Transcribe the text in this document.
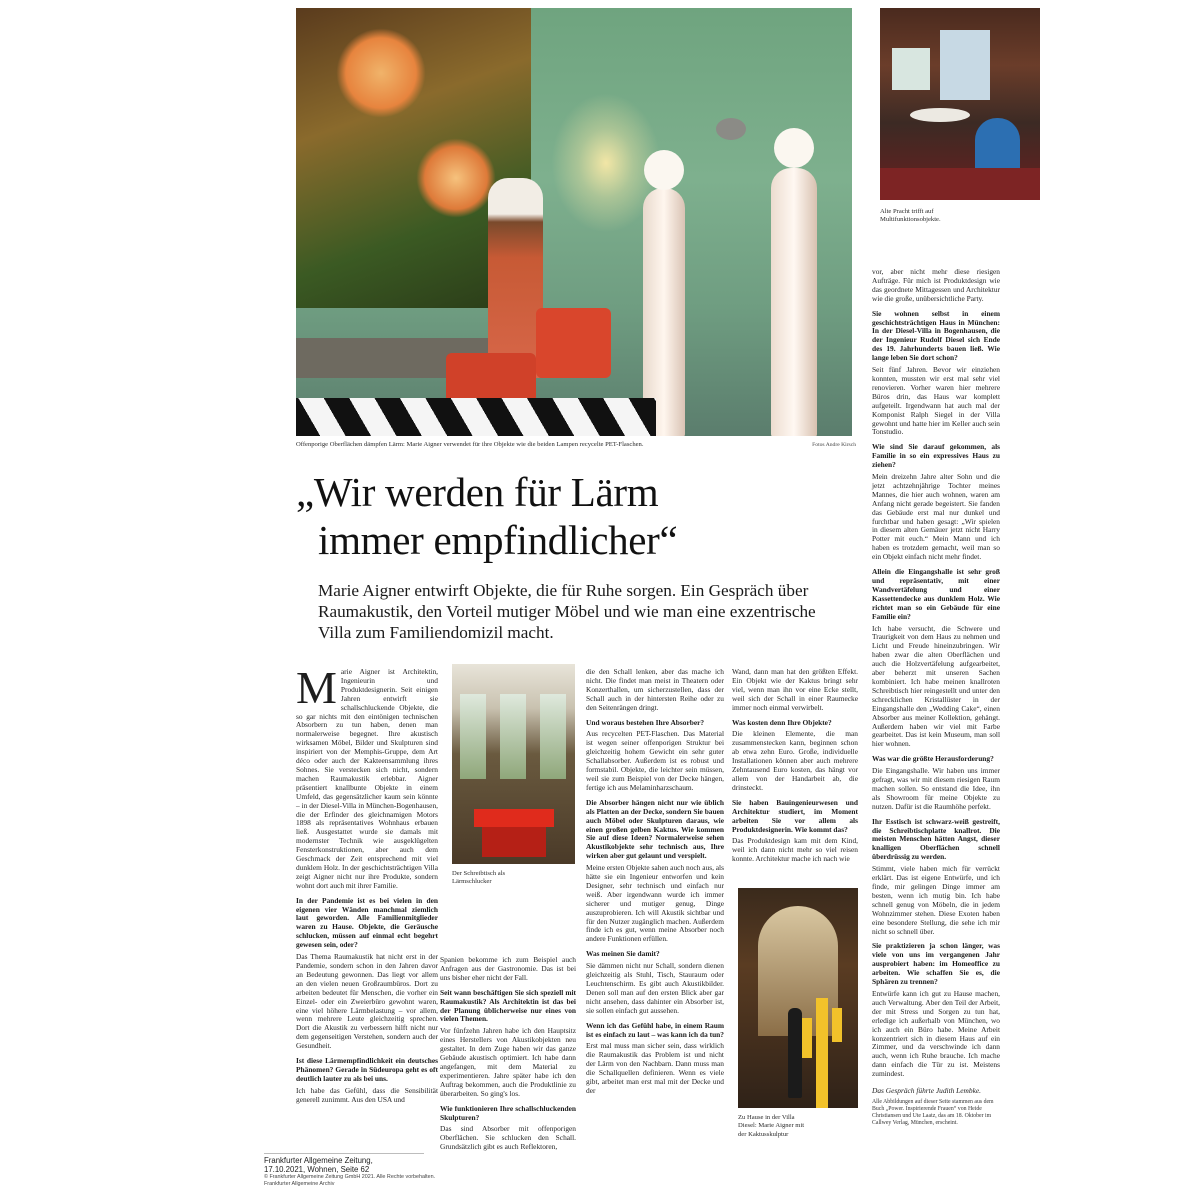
Offenporige Oberflächen dämpfen Lärm: Marie Aigner verwendet für ihre Objekte wie die beiden Lampen recycelte PET-Flaschen.	Fotos Andre Kirsch
Alte Pracht trifft auf Multifunktionsobjekte.
„Wir werden für Lärm
immer empfindlicher“
Marie Aigner entwirft Objekte, die für Ruhe sorgen. Ein Gespräch über Raumakustik, den Vorteil mutiger Möbel und wie man eine exzentrische Villa zum Familiendomizil macht.

Marie Aigner ist Architektin, Ingenieurin und Produktdesignerin. Seit einigen Jahren entwirft sie schallschluckende Objekte, die so gar nichts mit den eintönigen technischen Absorbern zu tun haben, denen man normalerweise begegnet. Ihre akustisch wirksamen Möbel, Bilder und Skulpturen sind inspiriert von der Memphis-Gruppe, dem Art déco oder auch der Kakteensammlung ihres Sohnes. Sie verstecken sich nicht, sondern machen Raumakustik erlebbar. Aigner präsentiert knallbunte Objekte in einem Umfeld, das gegensätzlicher kaum sein könnte – in der Diesel-Villa in München-Bogenhausen, die der Erfinder des gleichnamigen Motors 1898 als repräsentatives Wohnhaus erbauen ließ. Ausgestattet wurde sie damals mit modernster Technik wie ausgeklügelten Fensterkonstruktionen, aber auch dem Geschmack der Zeit entsprechend mit viel dunklem Holz. In der geschichtsträchtigen Villa zeigt Aigner nicht nur ihre Produkte, sondern wohnt dort auch mit ihrer Familie.

In der Pandemie ist es bei vielen in den eigenen vier Wänden manchmal ziemlich laut geworden. Alle Familienmitglieder waren zu Hause. Objekte, die Geräusche schlucken, müssen auf einmal echt begehrt gewesen sein, oder?

Das Thema Raumakustik hat nicht erst in der Pandemie, sondern schon in den Jahren davor an Bedeutung gewonnen. Das liegt vor allem an den vielen neuen Großraumbüros. Dort zu arbeiten bedeutet für Menschen, die vorher ein Einzel- oder ein Zweierbüro gewohnt waren, eine viel höhere Lärmbelastung – vor allem, wenn mehrere Leute gleichzeitig sprechen. Dort die Akustik zu verbessern hilft nicht nur dem gegenseitigen Verstehen, sondern auch der Gesundheit.

Ist diese Lärmempfindlichkeit ein deutsches Phänomen? Gerade in Südeuropa geht es oft deutlich lauter zu als bei uns.

Ich habe das Gefühl, dass die Sensibilität generell zunimmt. Aus den USA und

Der Schreibtisch als Lärmschlucker

Spanien bekomme ich zum Beispiel auch Anfragen aus der Gastronomie. Das ist bei uns bisher eher nicht der Fall.

Seit wann beschäftigen Sie sich speziell mit Raumakustik? Als Architektin ist das bei der Planung üblicherweise nur eines von vielen Themen.

Vor fünfzehn Jahren habe ich den Hauptsitz eines Herstellers von Akustikobjekten neu gestaltet. In dem Zuge haben wir das ganze Gebäude akustisch optimiert. Ich habe dann angefangen, mit dem Material zu experimentieren. Jahre später habe ich den Auftrag bekommen, auch die Produktlinie zu überarbeiten. So ging's los.

Wie funktionieren Ihre schallschluckenden Skulpturen?

Das sind Absorber mit offenporigen Oberflächen. Sie schlucken den Schall. Grundsätzlich gibt es auch Reflektoren,

die den Schall lenken, aber das mache ich nicht. Die findet man meist in Theatern oder Konzerthallen, um sicherzustellen, dass der Schall auch in der hintersten Reihe oder zu den Seitenrängen dringt.

Und woraus bestehen Ihre Absorber?

Aus recycelten PET-Flaschen. Das Material ist wegen seiner offenporigen Struktur bei gleichzeitig hohem Gewicht ein sehr guter Schallabsorber. Außerdem ist es robust und formstabil. Objekte, die leichter sein müssen, weil sie zum Beispiel von der Decke hängen, fertige ich aus Melaminharzschaum.

Die Absorber hängen nicht nur wie üblich als Platten an der Decke, sondern Sie bauen auch Möbel oder Skulpturen daraus, wie einen großen gelben Kaktus. Wie kommen Sie auf diese Ideen? Normalerweise sehen Akustikobjekte sehr technisch aus, Ihre wirken aber gut gelaunt und verspielt.

Meine ersten Objekte sahen auch noch aus, als hätte sie ein Ingenieur entworfen und kein Designer, sehr technisch und einfach nur weiß. Aber irgendwann wurde ich immer sicherer und mutiger genug, Dinge auszuprobieren. Ich will Akustik sichtbar und für den Nutzer zugänglich machen. Außerdem finde ich es gut, wenn meine Absorber noch andere Funktionen erfüllen.

Was meinen Sie damit?

Sie dämmen nicht nur Schall, sondern dienen gleichzeitig als Stuhl, Tisch, Stauraum oder Leuchtenschirm. Es gibt auch Akustikbilder. Denen soll man auf den ersten Blick aber gar nicht ansehen, dass dahinter ein Absorber ist, sie sollen einfach gut aussehen.

Wenn ich das Gefühl habe, in einem Raum ist es einfach zu laut – was kann ich da tun?

Erst mal muss man sicher sein, dass wirklich die Raumakustik das Problem ist und nicht der Lärm von den Nachbarn. Dann muss man die Schallquellen definieren. Wenn es viele gibt, arbeitet man erst mal mit der Decke und der

Wand, dann man hat den größten Effekt. Ein Objekt wie der Kaktus bringt sehr viel, wenn man ihn vor eine Ecke stellt, weil sich der Schall in einer Raumecke immer noch einmal verwirbelt.

Was kosten denn Ihre Objekte?

Die kleinen Elemente, die man zusammenstecken kann, beginnen schon ab etwa zehn Euro. Große, individuelle Installationen können aber auch mehrere Zehntausend Euro kosten, das hängt vor allem von der Handarbeit ab, die drinsteckt.

Sie haben Bauingenieurwesen und Architektur studiert, im Moment arbeiten Sie vor allem als Produktdesignerin. Wie kommt das?

Das Produktdesign kam mit dem Kind, weil ich dann nicht mehr so viel reisen konnte. Architektur mache ich nach wie

Zu Hause in der Villa Diesel: Marie Aigner mit der Kaktusskulptur

vor, aber nicht mehr diese riesigen Aufträge. Für mich ist Produktdesign wie das geordnete Mittagessen und Architektur wie die große, unübersichtliche Party.

Sie wohnen selbst in einem geschichtsträchtigen Haus in München: In der Diesel-Villa in Bogenhausen, die der Ingenieur Rudolf Diesel sich Ende des 19. Jahrhunderts bauen ließ. Wie lange leben Sie dort schon?

Seit fünf Jahren. Bevor wir einziehen konnten, mussten wir erst mal sehr viel renovieren. Vorher waren hier mehrere Büros drin, das Haus war komplett aufgeteilt. Irgendwann hat auch mal der Komponist Ralph Siegel in der Villa gewohnt und hatte hier im Keller auch sein Tonstudio.

Wie sind Sie darauf gekommen, als Familie in so ein expressives Haus zu ziehen?

Mein dreizehn Jahre alter Sohn und die jetzt achtzehnjährige Tochter meines Mannes, die hier auch wohnen, waren am Anfang nicht gerade begeistert. Sie fanden das Gebäude erst mal nur dunkel und furchtbar und haben gesagt: „Wir spielen in diesem alten Gemäuer jetzt nicht Harry Potter mit euch.“ Mein Mann und ich haben es trotzdem gemacht, weil man so ein Objekt einfach nicht mehr findet.

Allein die Eingangshalle ist sehr groß und repräsentativ, mit einer Wandvertäfelung und einer Kassettendecke aus dunklem Holz. Wie richtet man so ein Gebäude für eine Familie ein?

Ich habe versucht, die Schwere und Traurigkeit von dem Haus zu nehmen und Licht und Freude hineinzubringen. Wir haben zwar die alten Oberflächen und auch die Holzvertäfelung aufgearbeitet, aber beherzt mit unseren Sachen kombiniert. Ich habe meinen knallroten Schreibtisch hier reingestellt und unter den schrecklichen Kristallüster in der Eingangshalle den „Wedding Cake“, einen Absorber aus meiner Kollektion, gehängt. Außerdem haben wir viel mit Farbe gearbeitet. Das ist kein Museum, man soll hier wohnen.

Was war die größte Herausforderung?

Die Eingangshalle. Wir haben uns immer gefragt, was wir mit diesem riesigen Raum machen sollen. So entstand die Idee, ihn als Showroom für meine Objekte zu nutzen. Dafür ist die Raumhöhe perfekt.

Ihr Esstisch ist schwarz-weiß gestreift, die Schreibtischplatte knallrot. Die meisten Menschen hätten Angst, dieser knalligen Oberflächen schnell überdrüssig zu werden.

Stimmt, viele haben mich für verrückt erklärt. Das ist eigene Entwürfe, und ich finde, mir gelingen Dinge immer am besten, wenn ich mutig bin. Ich habe schnell genug von Möbeln, die in jedem Wohnzimmer stehen. Diese Exoten haben eine besondere Stellung, die sehe ich mir nicht so schnell über.

Sie praktizieren ja schon länger, was viele von uns im vergangenen Jahr ausprobiert haben: im Homeoffice zu arbeiten. Wie schaffen Sie es, die Sphären zu trennen?

Entwürfe kann ich gut zu Hause machen, auch Verwaltung. Aber den Teil der Arbeit, der mit Stress und Sorgen zu tun hat, erledige ich außerhalb von München, wo ich auch ein Büro habe. Meine Arbeit konzentriert sich in diesem Haus auf ein Zimmer, und da verschwinde ich dann auch, wenn ich Ruhe brauche. Ich mache dann einfach die Tür zu ist. Meistens zumindest.

Das Gespräch führte Judith Lembke.

Alle Abbildungen auf dieser Seite stammen aus dem Buch „Power. Inspirierende Frauen“ von Heide Christiansen und Ute Laatz, das am 18. Oktober im Callwey Verlag, München, erscheint.

Frankfurter Allgemeine Zeitung,
17.10.2021, Wohnen, Seite 62
© Frankfurter Allgemeine Zeitung GmbH 2021. Alle Rechte vorbehalten. Frankfurter Allgemeine Archiv
